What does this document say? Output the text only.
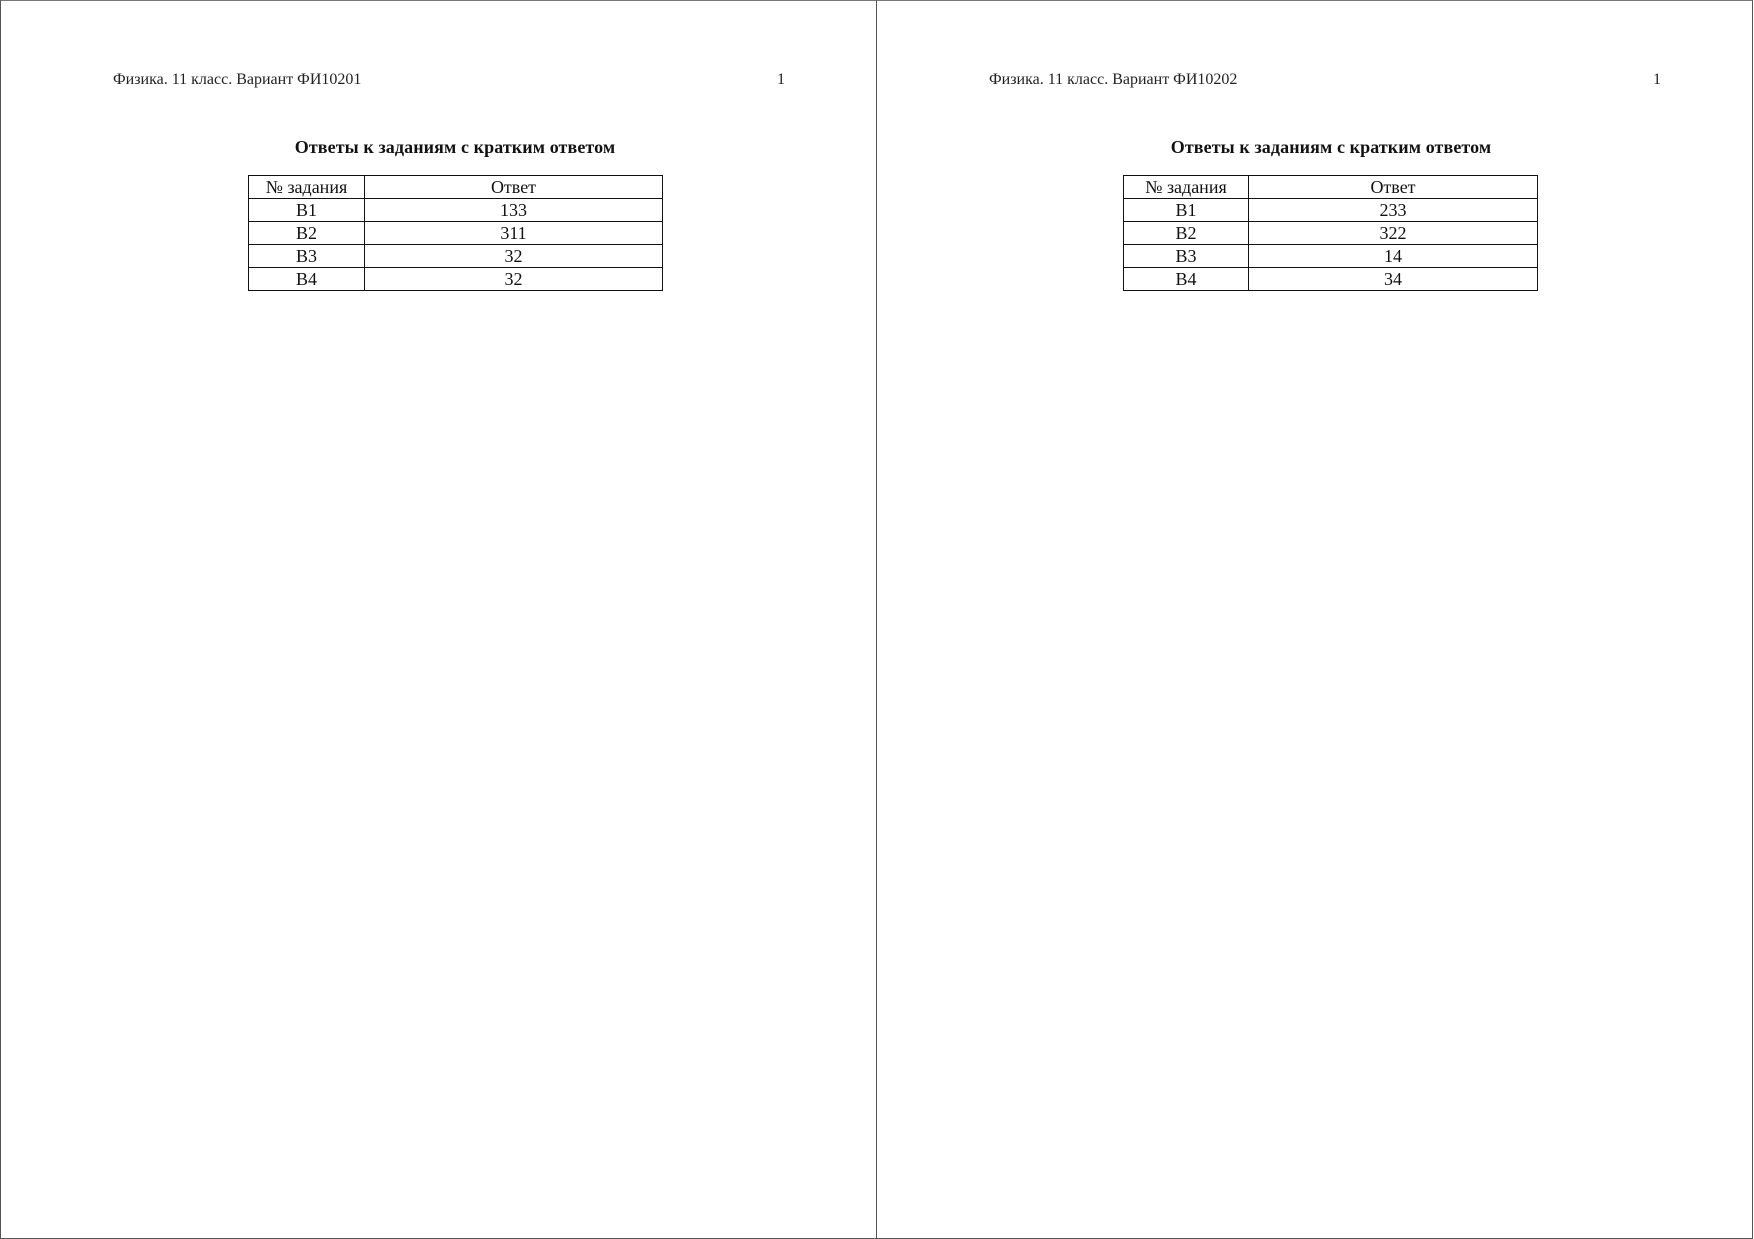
Физика. 11 класс. Вариант ФИ10201	1
Ответы к заданиям с кратким ответом
№ задания	Ответ
B1	133
B2	311
B3	32
B4	32
Физика. 11 класс. Вариант ФИ10202	1
Ответы к заданиям с кратким ответом
№ задания	Ответ
B1	233
B2	322
B3	14
B4	34
